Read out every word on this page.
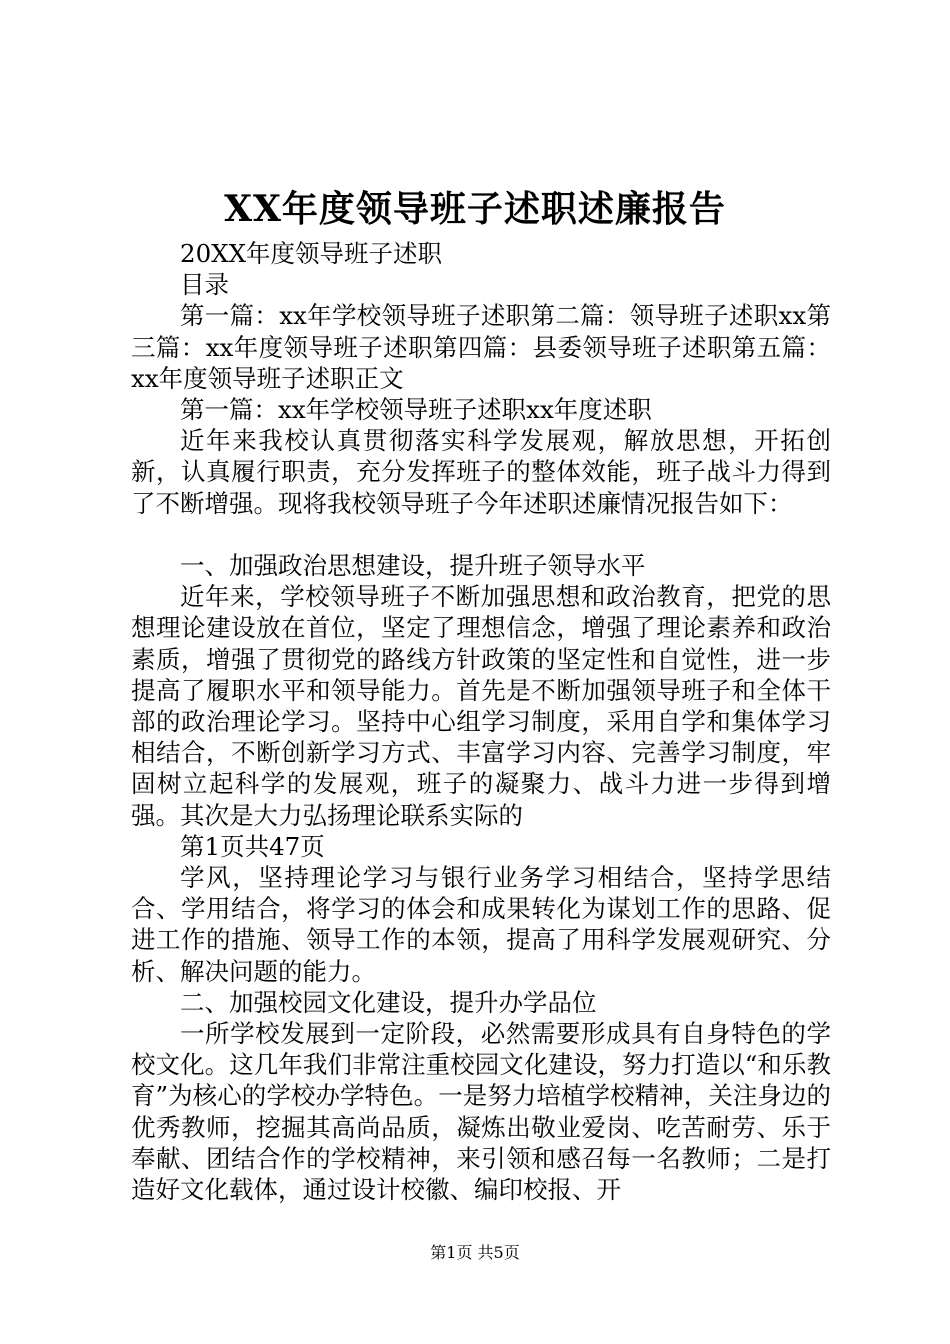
XX年度领导班子述职述廉报告

20XX年度领导班子述职

目录

第一篇：xx年学校领导班子述职第二篇：领导班子述职xx第三篇：xx年度领导班子述职第四篇：县委领导班子述职第五篇：xx年度领导班子述职正文

第一篇：xx年学校领导班子述职xx年度述职

近年来我校认真贯彻落实科学发展观，解放思想，开拓创新，认真履行职责，充分发挥班子的整体效能，班子战斗力得到了不断增强。现将我校领导班子今年述职述廉情况报告如下：

一、加强政治思想建设，提升班子领导水平

近年来，学校领导班子不断加强思想和政治教育，把党的思想理论建设放在首位，坚定了理想信念，增强了理论素养和政治素质，增强了贯彻党的路线方针政策的坚定性和自觉性，进一步提高了履职水平和领导能力。首先是不断加强领导班子和全体干部的政治理论学习。坚持中心组学习制度，采用自学和集体学习相结合，不断创新学习方式、丰富学习内容、完善学习制度，牢固树立起科学的发展观，班子的凝聚力、战斗力进一步得到增强。其次是大力弘扬理论联系实际的

第1页共47页

学风，坚持理论学习与银行业务学习相结合，坚持学思结合、学用结合，将学习的体会和成果转化为谋划工作的思路、促进工作的措施、领导工作的本领，提高了用科学发展观研究、分析、解决问题的能力。

二、加强校园文化建设，提升办学品位

一所学校发展到一定阶段，必然需要形成具有自身特色的学校文化。这几年我们非常注重校园文化建设，努力打造以“和乐教育”为核心的学校办学特色。一是努力培植学校精神，关注身边的优秀教师，挖掘其高尚品质，凝炼出敬业爱岗、吃苦耐劳、乐于奉献、团结合作的学校精神，来引领和感召每一名教师；二是打造好文化载体，通过设计校徽、编印校报、开

第1页 共5页
